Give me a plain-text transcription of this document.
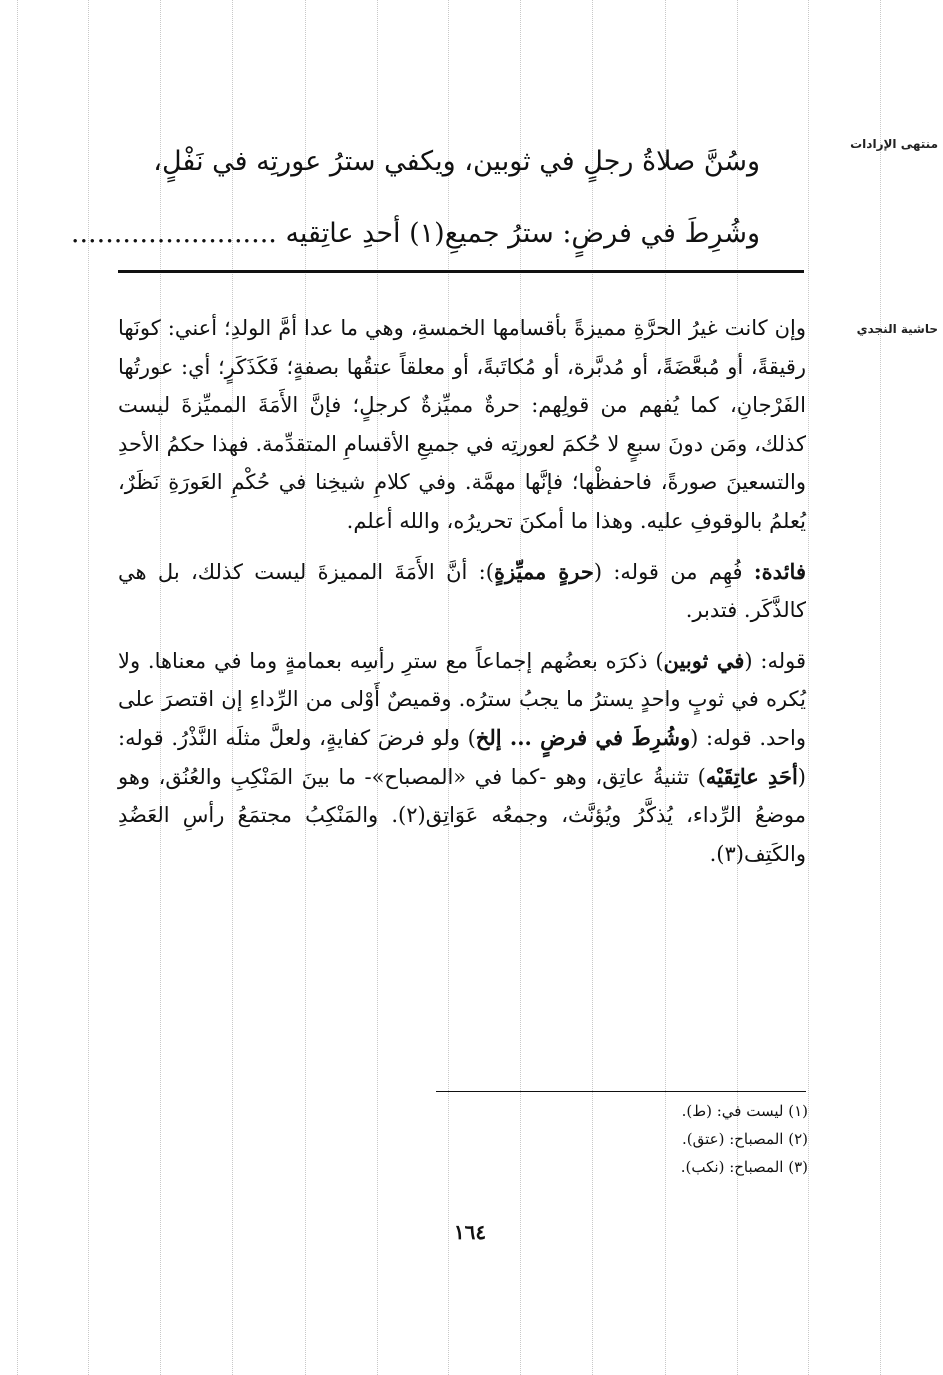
منتهى الإرادات
حاشية النجدي
وسُنَّ صلاةُ رجلٍ في ثوبين، ويكفي سترُ عورتِه في نَفْلٍ،
وشُرِطَ في فرضٍ: سترُ جميعِ(١) أحدِ عاتِقيه ........................

وإن كانت غيرُ الحرَّةِ مميزةً بأقسامها الخمسةِ، وهي ما عدا أمَّ الولدِ؛ أعني: كونَها رقيقةً، أو مُبعَّضَةً، أو مُدبَّرة، أو مُكاتَبةً، أو معلقاً عتقُها بصفةٍ؛ فَكَذَكَرٍ؛ أي: عورتُها الفَرْجانِ، كما يُفهم من قولِهم: حرةٌ مميِّزةٌ كرجلٍ؛ فإنَّ الأَمَةَ المميِّزةَ ليست كذلك، ومَن دونَ سبعٍ لا حُكمَ لعورتِه في جميعِ الأقسامِ المتقدِّمة. فهذا حكمُ الأحدِ والتسعينَ صورةً، فاحفظْها؛ فإنَّها مهمَّة. وفي كلامِ شيخِنا في حُكْمِ العَورَةِ نَظَرٌ، يُعلمُ بالوقوفِ عليه. وهذا ما أمكنَ تحريرُه، والله أعلم.

فائدة: فُهِم من قوله: (حرةٍ مميِّزةٍ): أنَّ الأَمَةَ المميزةَ ليست كذلك، بل هي كالذَّكَر. فتدبر.

قوله: (في ثوبين) ذكرَه بعضُهم إجماعاً مع سترِ رأسِه بعمامةٍ وما في معناها. ولا يُكره في ثوبٍ واحدٍ يسترُ ما يجبُ سترُه. وقميصٌ أَوْلى من الرِّداءِ إن اقتصرَ على واحد. قوله: (وشُرِطَ في فرضٍ ... إلخ) ولو فرضَ كفايةٍ، ولعلَّ مثلَه النَّذْرُ. قوله: (أحَدِ عاتِقَيْه) تثنيةُ عاتِق، وهو -كما في «المصباح»- ما بينَ المَنْكِبِ والعُنُق، وهو موضعُ الرِّداء، يُذكَّرُ ويُؤنَّث، وجمعُه عَوَاتِق(٢). والمَنْكِبُ مجتمَعُ رأسِ العَضُدِ والكَتِف(٣).

(١) ليست في: (ط).
(٢) المصباح: (عتق).
(٣) المصباح: (نكب).
١٦٤
